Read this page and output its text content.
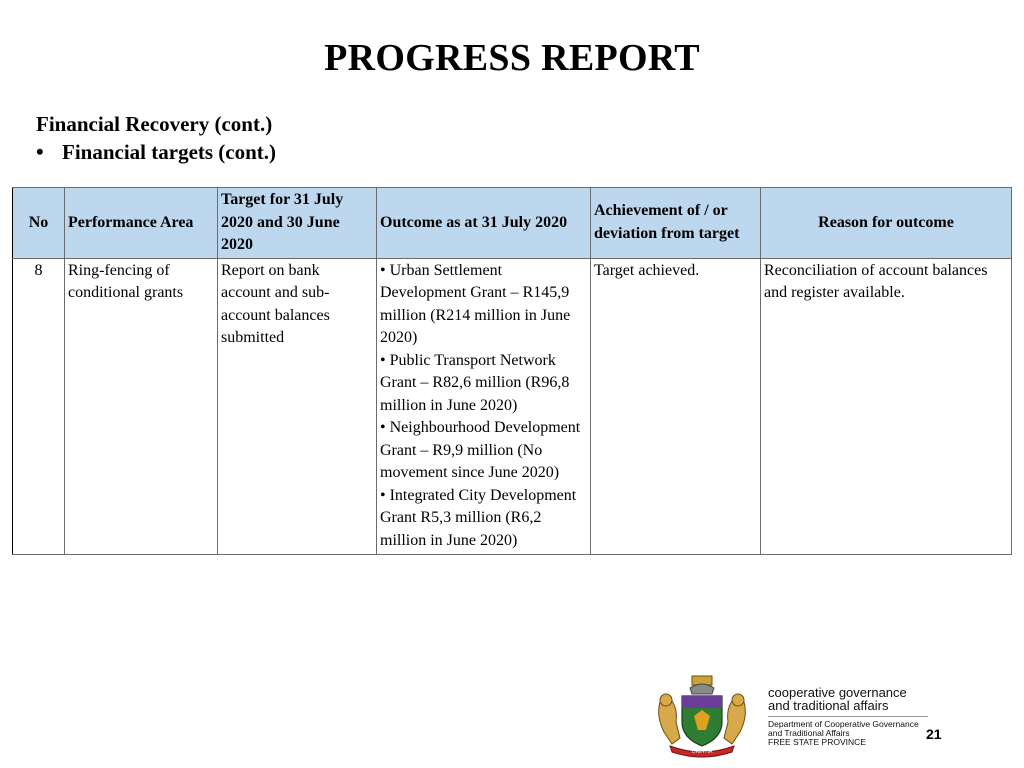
PROGRESS REPORT
Financial Recovery (cont.)
• Financial targets (cont.)
No	Performance Area	Target for 31 July 2020 and 30 June 2020	Outcome as at 31 July 2020	Achievement of / or deviation from target	Reason for outcome
8	Ring-fencing of conditional grants	Report on bank account and sub-account balances submitted	• Urban Settlement Development Grant – R145,9 million (R214 million in June 2020)
• Public Transport Network Grant – R82,6 million (R96,8 million in June 2020)
• Neighbourhood Development Grant – R9,9 million (No movement since June 2020)
• Integrated City Development Grant R5,3 million (R6,2 million in June 2020)	Target achieved.	Reconciliation of account balances and register available.
ORETHA
cooperative governance
and traditional affairs
Department of Cooperative Governance
and Traditional Affairs
FREE STATE PROVINCE	21
